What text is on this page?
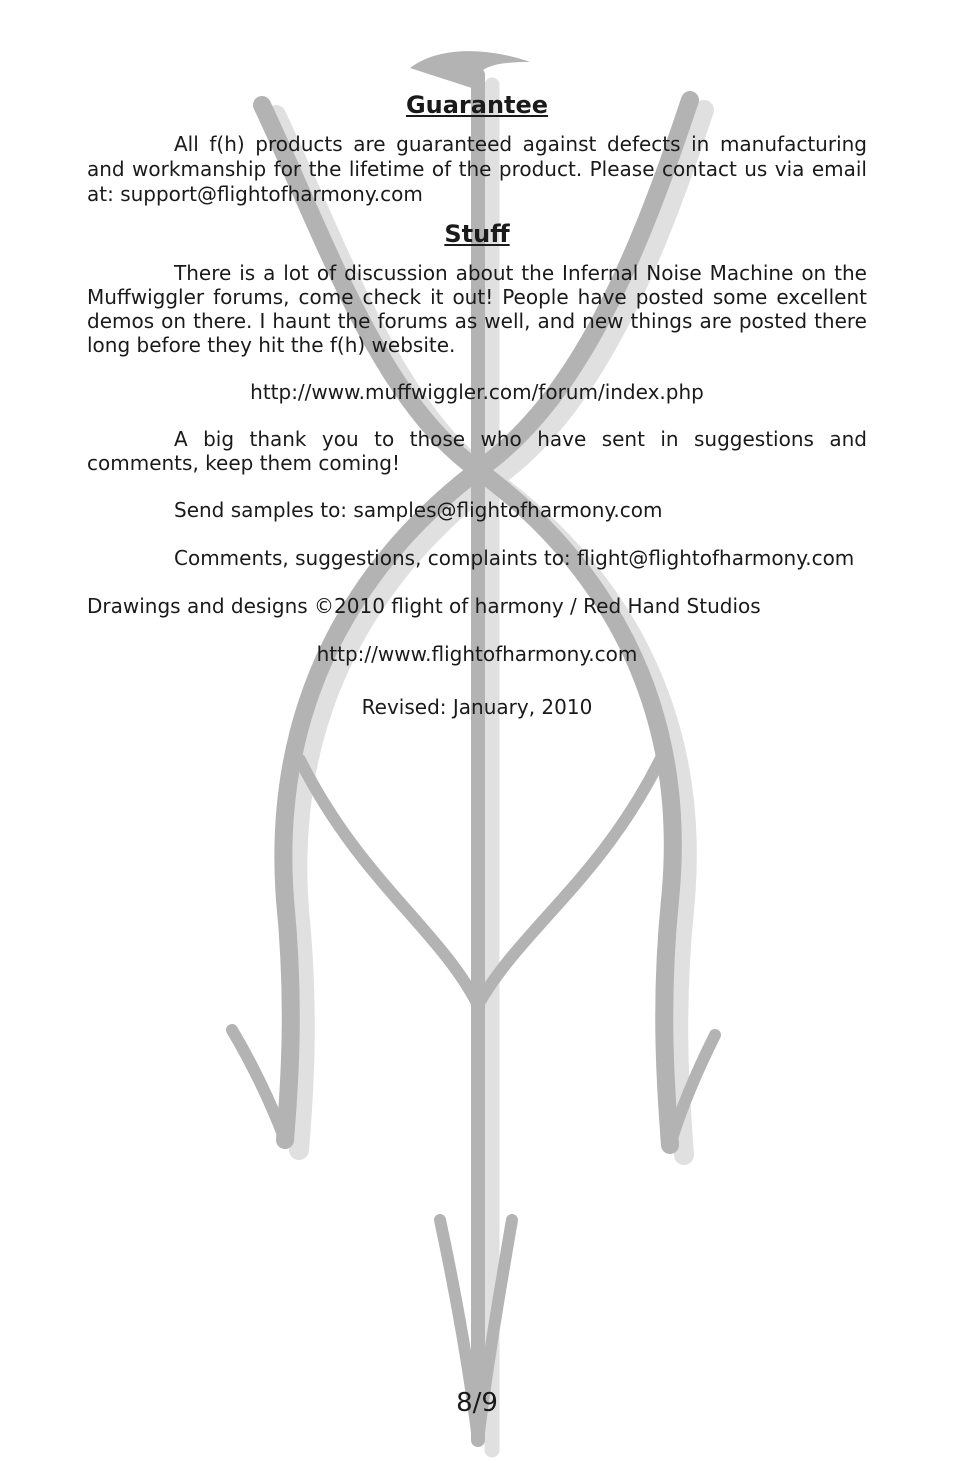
Guarantee

All f(h) products are guaranteed against defects in manufacturing and workmanship for the lifetime of the product. Please contact us via email at: support@flightofharmony.com

Stuff

There is a lot of discussion about the Infernal Noise Machine on the Muffwiggler forums, come check it out! People have posted some excellent demos on there. I haunt the forums as well, and new things are posted there long before they hit the f(h) website.

http://www.muffwiggler.com/forum/index.php

A big thank you to those who have sent in suggestions and comments, keep them coming!

Send samples to: samples@flightofharmony.com

Comments, suggestions, complaints to: flight@flightofharmony.com

Drawings and designs ©2010 flight of harmony / Red Hand Studios

http://www.flightofharmony.com

Revised: January, 2010

8/9
